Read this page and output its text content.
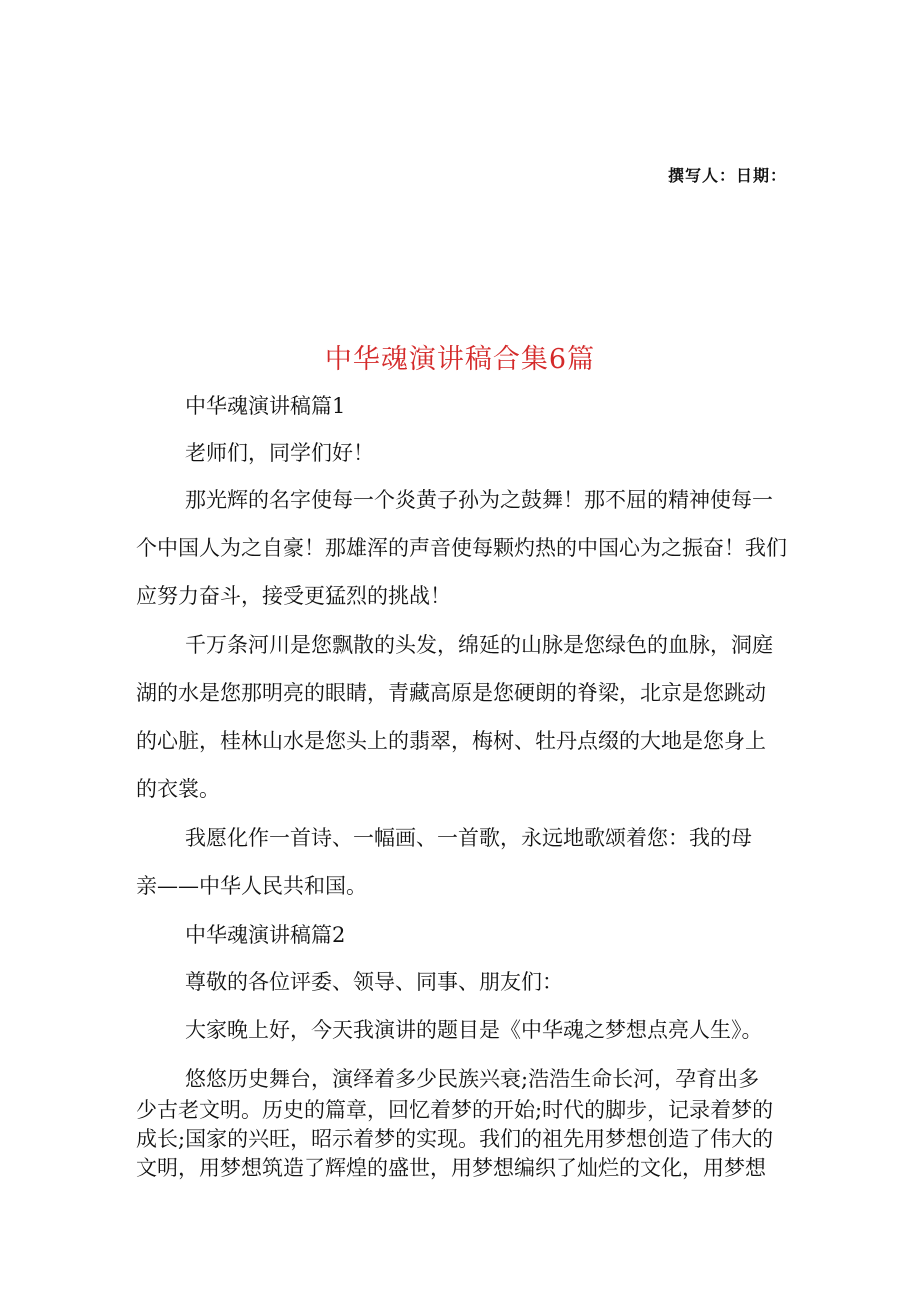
撰写人：日期：
中华魂演讲稿合集6篇
中华魂演讲稿篇1
老师们，同学们好！
那光辉的名字使每一个炎黄子孙为之鼓舞！那不屈的精神使每一
个中国人为之自豪！那雄浑的声音使每颗灼热的中国心为之振奋！我们
应努力奋斗，接受更猛烈的挑战！
千万条河川是您飘散的头发，绵延的山脉是您绿色的血脉，洞庭
湖的水是您那明亮的眼睛，青藏高原是您硬朗的脊梁，北京是您跳动
的心脏，桂林山水是您头上的翡翠，梅树、牡丹点缀的大地是您身上
的衣裳。
我愿化作一首诗、一幅画、一首歌，永远地歌颂着您：我的母
亲——中华人民共和国。
中华魂演讲稿篇2
尊敬的各位评委、领导、同事、朋友们：
大家晚上好，今天我演讲的题目是《中华魂之梦想点亮人生》。
悠悠历史舞台，演绎着多少民族兴衰;浩浩生命长河，孕育出多
少古老文明。历史的篇章，回忆着梦的开始;时代的脚步，记录着梦的
成长;国家的兴旺，昭示着梦的实现。我们的祖先用梦想创造了伟大的
文明，用梦想筑造了辉煌的盛世，用梦想编织了灿烂的文化，用梦想
